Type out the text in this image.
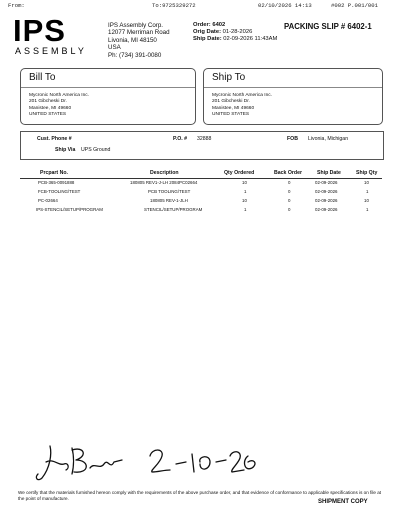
From:	To:9725329272	02/10/2026 14:13	#002 P.001/001
IPS
ASSEMBLY
IPS Assembly Corp.
12077 Merriman Road
Livonia, MI 48150
USA
Ph: (734) 391-0080
Order: 6402
Orig Date: 01-28-2026
Ship Date: 02-09-2026 11:43AM
PACKING SLIP # 6402-1
Bill To
Mycronic North America Inc.
201 Gibcheski Dr.
Manistee, MI 49660
UNITED STATES
Ship To
Mycronic North America Inc.
201 Gibcheski Dr.
Manistee, MI 49660
UNITED STATES
Cust. Phone #	P.O. # 32888	FOB Livonia, Michigan
Ship Via UPS Ground
Prcpart No.	Description	Qty Ordered	Back Order	Ship Date	Ship Qty
PCB-365-0091888	180805 REV1-J-LH 2084PC02664	10	0	02-09-2026	10
FCB-TOOLING/TEST	PCB TOOLING/TEST	1	0	02-09-2026	1
PC-02664	180805 REV-1-JLH	10	0	02-09-2026	10
IPS-STENCIL/SETUP/PROGRAM	STENCIL/SETUP/PROGRAM	1	0	02-09-2026	1
We certify that the materials furnished hereon comply with the requirements of the above purchase order, and that evidence of conformance to applicable specifications is on file at the point of manufacture.
SHIPMENT COPY
